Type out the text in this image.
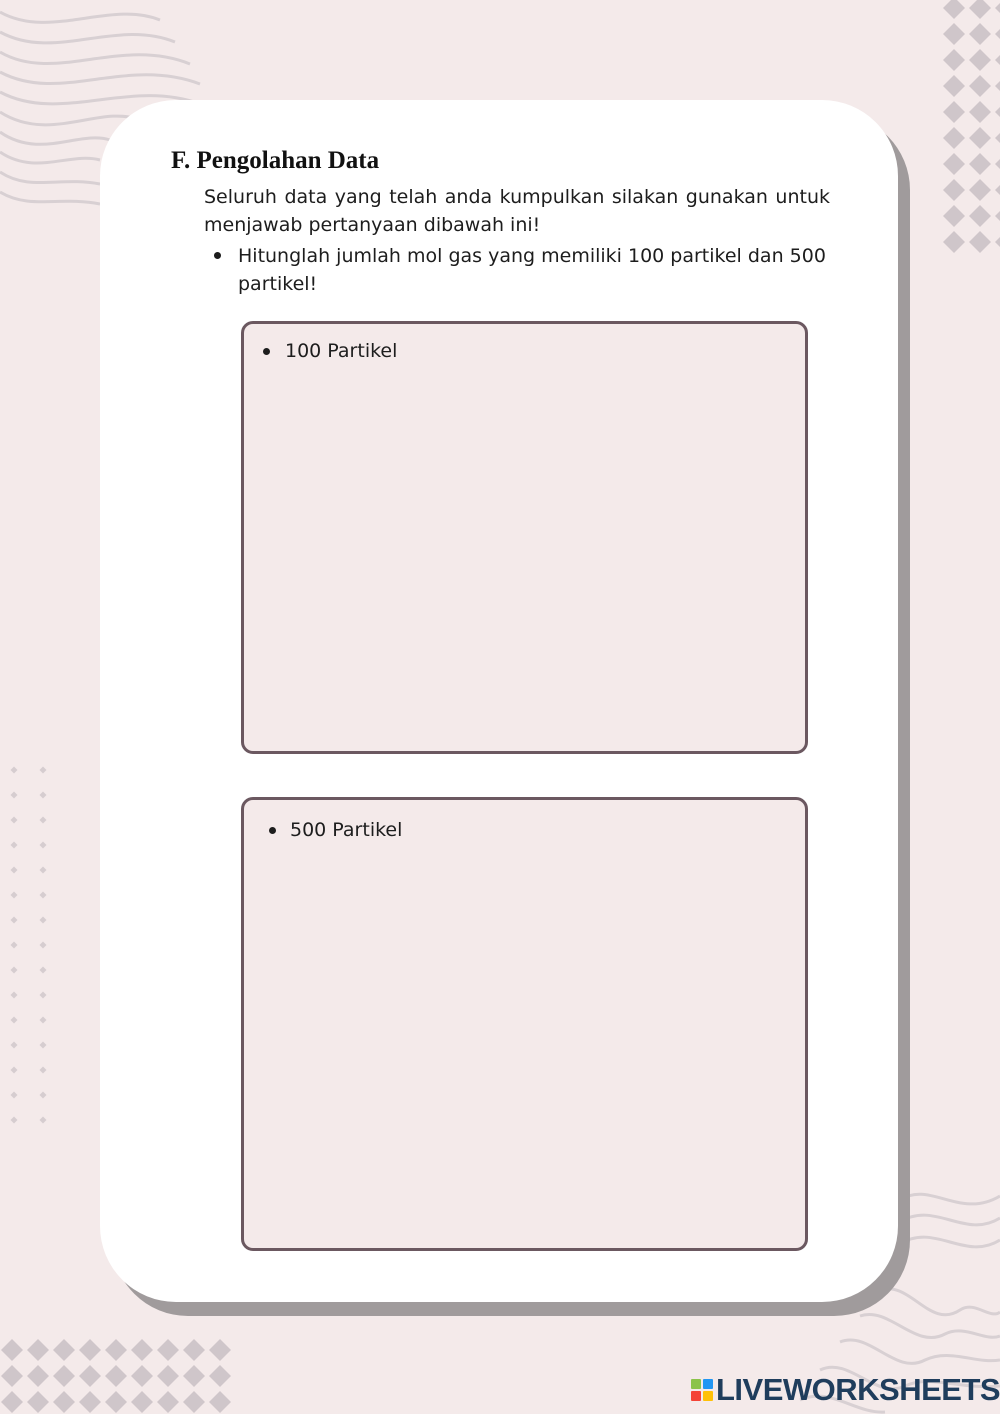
F. Pengolahan Data

Seluruh data yang telah anda kumpulkan silakan gunakan untuk menjawab pertanyaan dibawah ini!

Hitunglah jumlah mol gas yang memiliki 100 partikel dan 500 partikel!

100 Partikel
500 Partikel
LIVEWORKSHEETS
